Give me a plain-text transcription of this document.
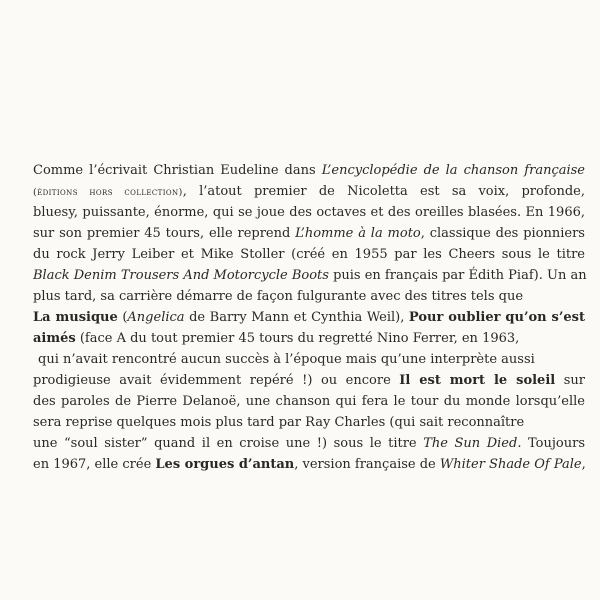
Comme l’écrivait Christian Eudeline dans L’encyclopédie de la chanson française
(éditions hors collection), l’atout premier de Nicoletta est sa voix, profonde,
bluesy, puissante, énorme, qui se joue des octaves et des oreilles blasées. En 1966,
sur son premier 45 tours, elle reprend L’homme à la moto, classique des pionniers
du rock Jerry Leiber et Mike Stoller (créé en 1955 par les Cheers sous le titre
Black Denim Trousers And Motorcycle Boots puis en français par Édith Piaf). Un an
plus tard, sa carrière démarre de façon fulgurante avec des titres tels que
La musique (Angelica de Barry Mann et Cynthia Weil), Pour oublier qu’on s’est
aimés (face A du tout premier 45 tours du regretté Nino Ferrer, en 1963,
qui n’avait rencontré aucun succès à l’époque mais qu’une interprète aussi
prodigieuse avait évidemment repéré !) ou encore Il est mort le soleil sur
des paroles de Pierre Delanoë, une chanson qui fera le tour du monde lorsqu’elle
sera reprise quelques mois plus tard par Ray Charles (qui sait reconnaître
une “soul sister” quand il en croise une !) sous le titre The Sun Died. Toujours
en 1967, elle crée Les orgues d’antan, version française de Whiter Shade Of Pale,
